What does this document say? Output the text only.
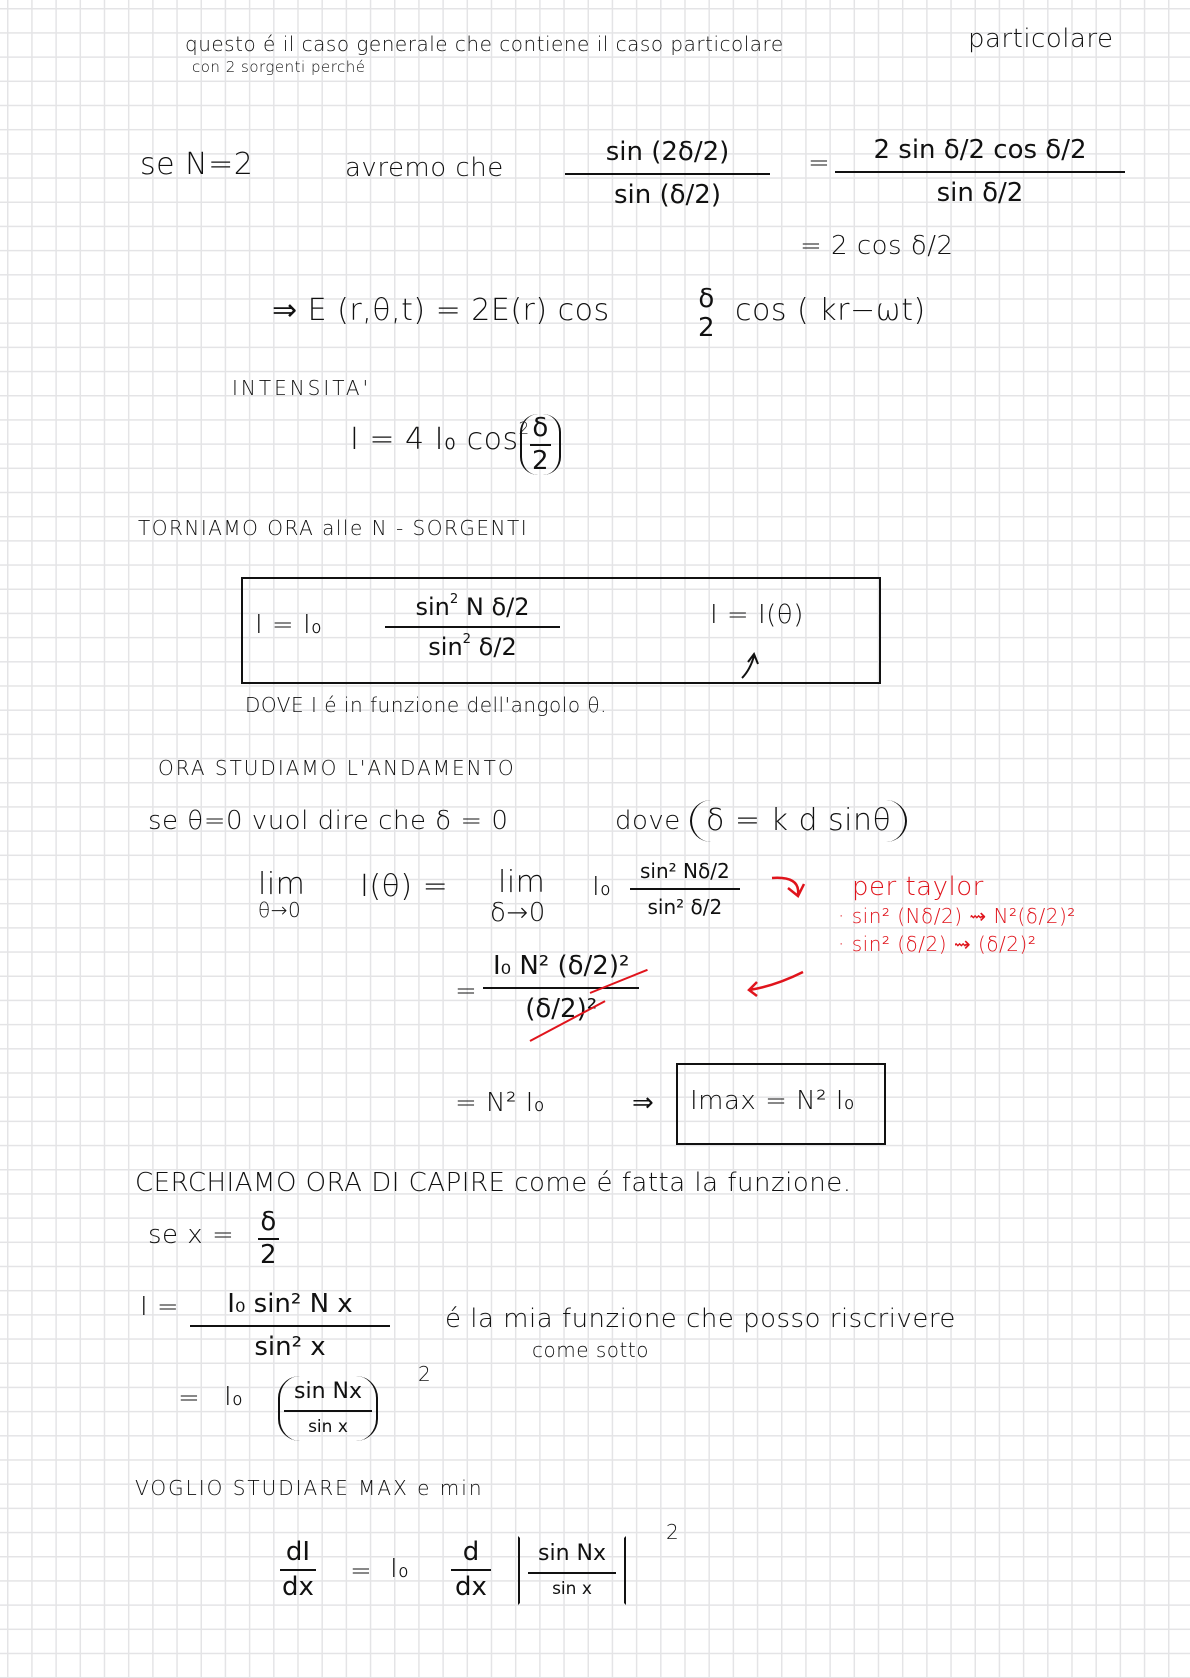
questo é il caso generale che contiene il caso particolare
con 2 sorgenti perché
particolare
se N=2	avremo che
sin (2δ/2)
sin (δ/2)
=	2 sin δ/2 cos δ/2
sin δ/2
= 2 cos δ/2
⇒ E (r,θ,t) = 2E(r) cos	δ
2 cos ( kr−ωt)
INTENSITA'
I = 4 I₀ $\cos^2 \delta$
2
TORNIAMO ORA alle N - SORGENTI
I = I₀
$\sin^2 N$ δ/2
$\sin^2 \delta/2$
I = I(θ)
DOVE I é in funzione dell'angolo θ.
ORA STUDIAMO L'ANDAMENTO
se θ=0 vuol dire che δ = 0	dove δ = k d sinθ
lim
θ→0
I(θ) = lim
δ→0
I₀
sin² Nδ/2
sin² δ/2
=
I₀ N² (δ/2)²
(δ/2)²
= N² I₀	⇒ Imax = N² I₀
per taylor
· sin² (Nδ/2) ⇝ N²(δ/2)²
· sin² (δ/2) ⇝ (δ/2)²
CERCHIAMO ORA DI CAPIRE come é fatta la funzione.
se x =	δ
2
I =	I₀ sin² N x
sin² x
é la mia funzione che posso riscrivere
come sotto
= I₀	sin Nx
sin x
2
VOGLIO STUDIARE MAX e min
dI
dx
= I₀
d
dx
sin Nx
sin x
2
